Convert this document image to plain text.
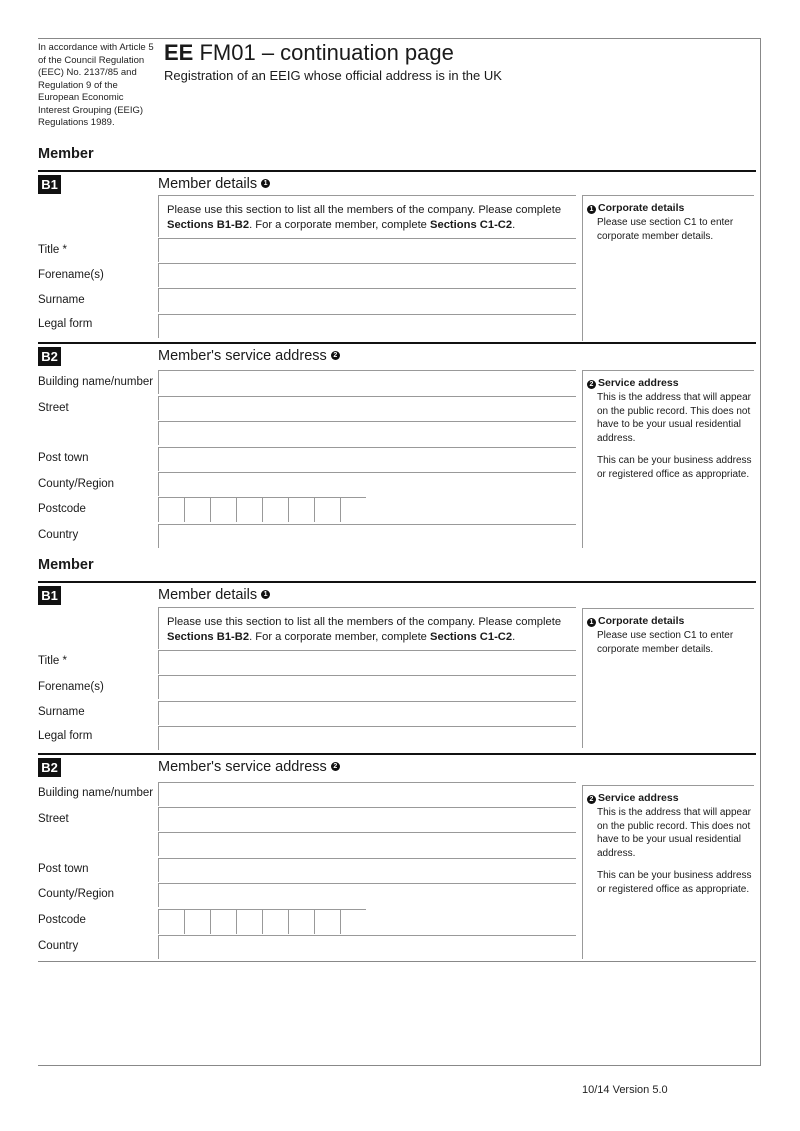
In accordance with Article 5 of the Council Regulation (EEC) No. 2137/85 and Regulation 9 of the European Economic Interest Grouping (EEIG) Regulations 1989.
EE FM01 – continuation page
Registration of an EEIG whose official address is in the UK
Member
B1	Member details 1
Please use this section to list all the members of the company. Please complete Sections B1-B2. For a corporate member, complete Sections C1-C2.
Title *
Forename(s)
Surname
Legal form
1 Corporate details
Please use section C1 to enter corporate member details.
B2	Member's service address 2
Building name/number
Street
Post town
County/Region
Postcode
Country
2 Service address
This is the address that will appear on the public record. This does not have to be your usual residential address.
This can be your business address or registered office as appropriate.
Member
B1	Member details 1
Please use this section to list all the members of the company. Please complete Sections B1-B2. For a corporate member, complete Sections C1-C2.
Title *
Forename(s)
Surname
Legal form
1 Corporate details
Please use section C1 to enter corporate member details.
B2	Member's service address 2
Building name/number
Street
Post town
County/Region
Postcode
Country
2 Service address
This is the address that will appear on the public record. This does not have to be your usual residential address.
This can be your business address or registered office as appropriate.
10/14 Version 5.0
